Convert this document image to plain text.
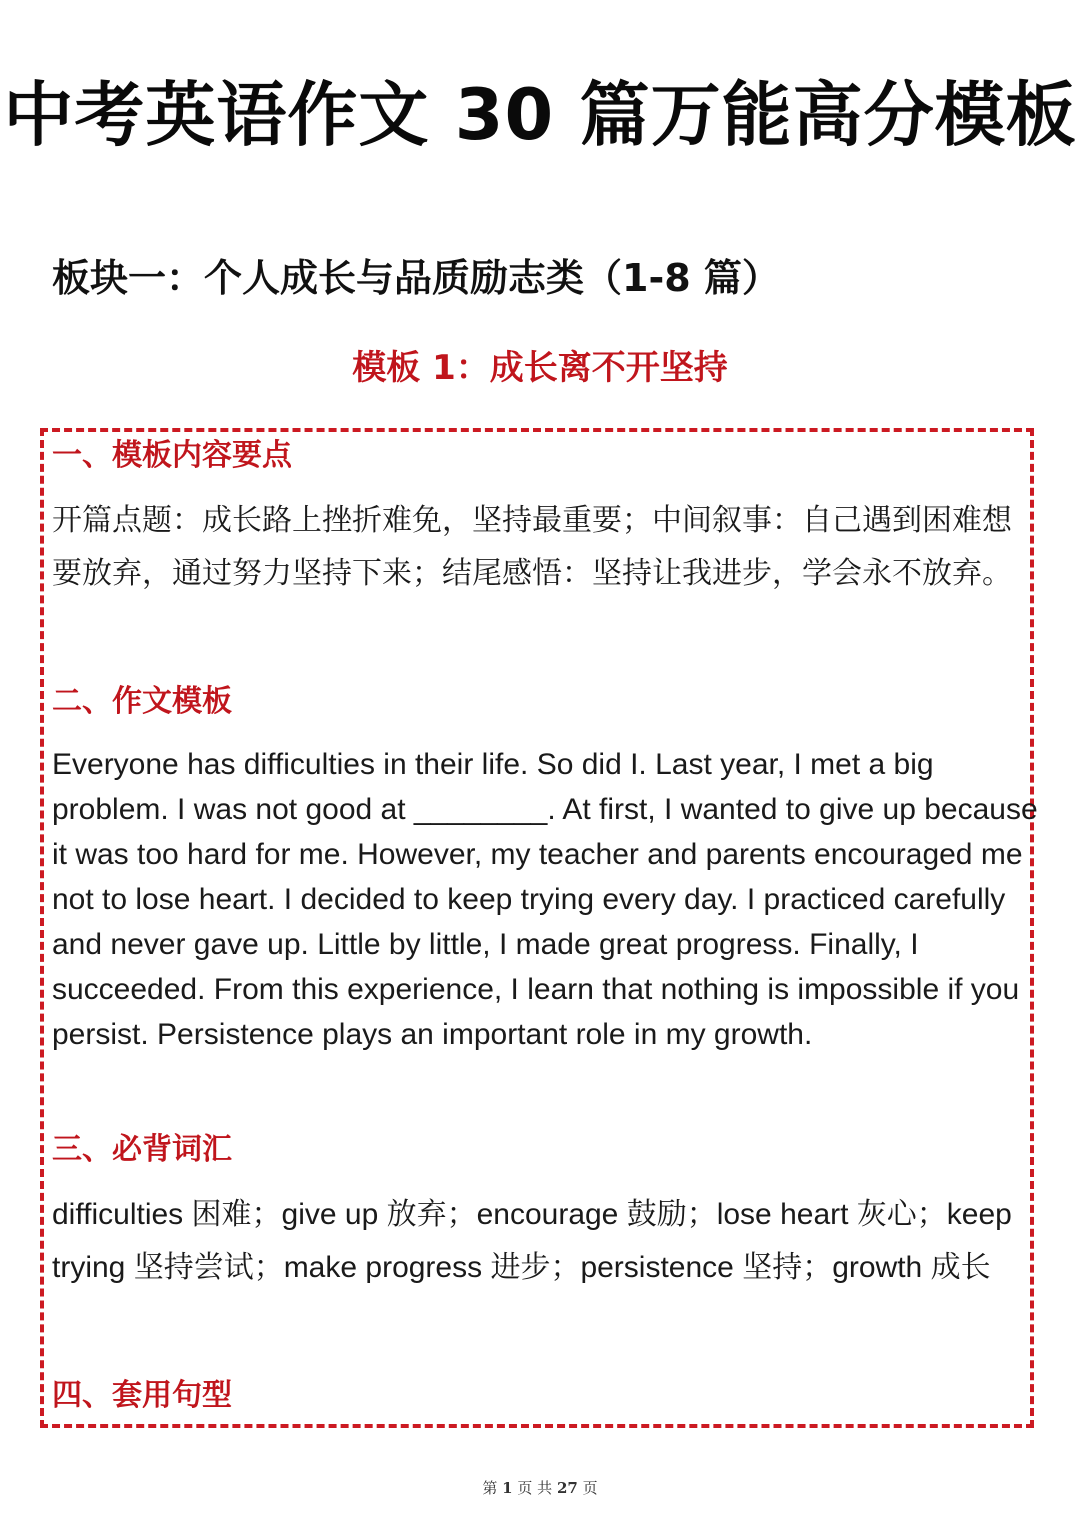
中考英语作文 30 篇万能高分模板
板块一：个人成长与品质励志类（1-8 篇）
模板 1：成长离不开坚持
一、模板内容要点
开篇点题：成长路上挫折难免，坚持最重要；中间叙事：自己遇到困难想要放弃，通过努力坚持下来；结尾感悟：坚持让我进步，学会永不放弃。
二、作文模板
Everyone has difficulties in their life. So did I. Last year, I met a big problem. I was not good at ________. At first, I wanted to give up because it was too hard for me. However, my teacher and parents encouraged me not to lose heart. I decided to keep trying every day. I practiced carefully and never gave up. Little by little, I made great progress. Finally, I succeeded. From this experience, I learn that nothing is impossible if you persist. Persistence plays an important role in my growth.
三、必背词汇
difficulties 困难；give up 放弃；encourage 鼓励；lose heart 灰心；keep trying 坚持尝试；make progress 进步；persistence 坚持；growth 成长
四、套用句型
第 1 页 共 27 页
